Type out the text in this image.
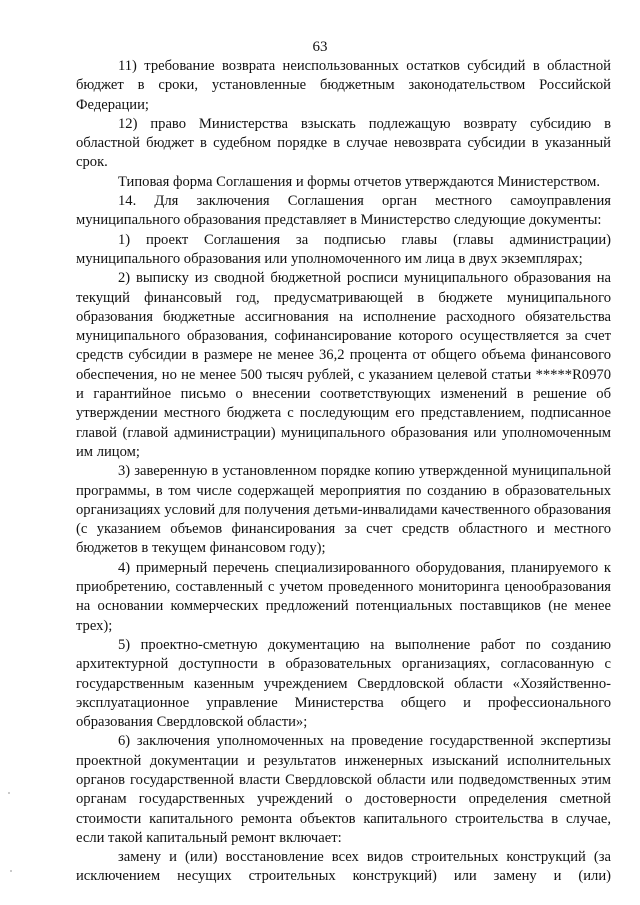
63

11) требование возврата неиспользованных остатков субсидий в областной бюджет в сроки, установленные бюджетным законодательством Российской Федерации;

12) право Министерства взыскать подлежащую возврату субсидию в областной бюджет в судебном порядке в случае невозврата субсидии в указанный срок.

Типовая форма Соглашения и формы отчетов утверждаются Министерством.

14. Для заключения Соглашения орган местного самоуправления муниципального образования представляет в Министерство следующие документы:

1) проект Соглашения за подписью главы (главы администрации) муниципального образования или уполномоченного им лица в двух экземплярах;

2) выписку из сводной бюджетной росписи муниципального образования на текущий финансовый год, предусматривающей в бюджете муниципального образования бюджетные ассигнования на исполнение расходного обязательства муниципального образования, софинансирование которого осуществляется за счет средств субсидии в размере не менее 36,2 процента от общего объема финансового обеспечения, но не менее 500 тысяч рублей, с указанием целевой статьи *****R0970 и гарантийное письмо о внесении соответствующих изменений в решение об утверждении местного бюджета с последующим его представлением, подписанное главой (главой администрации) муниципального образования или уполномоченным им лицом;

3) заверенную в установленном порядке копию утвержденной муниципальной программы, в том числе содержащей мероприятия по созданию в образовательных организациях условий для получения детьми-инвалидами качественного образования (с указанием объемов финансирования за счет средств областного и местного бюджетов в текущем финансовом году);

4) примерный перечень специализированного оборудования, планируемого к приобретению, составленный с учетом проведенного мониторинга ценообразования на основании коммерческих предложений потенциальных поставщиков (не менее трех);

5) проектно-сметную документацию на выполнение работ по созданию архитектурной доступности в образовательных организациях, согласованную с государственным казенным учреждением Свердловской области «Хозяйственно-эксплуатационное управление Министерства общего и профессионального образования Свердловской области»;

6) заключения уполномоченных на проведение государственной экспертизы проектной документации и результатов инженерных изысканий исполнительных органов государственной власти Свердловской области или подведомственных этим органам государственных учреждений о достоверности определения сметной стоимости капитального ремонта объектов капитального строительства в случае, если такой капитальный ремонт включает:

замену и (или) восстановление всех видов строительных конструкций (за исключением несущих строительных конструкций) или замену и (или)
